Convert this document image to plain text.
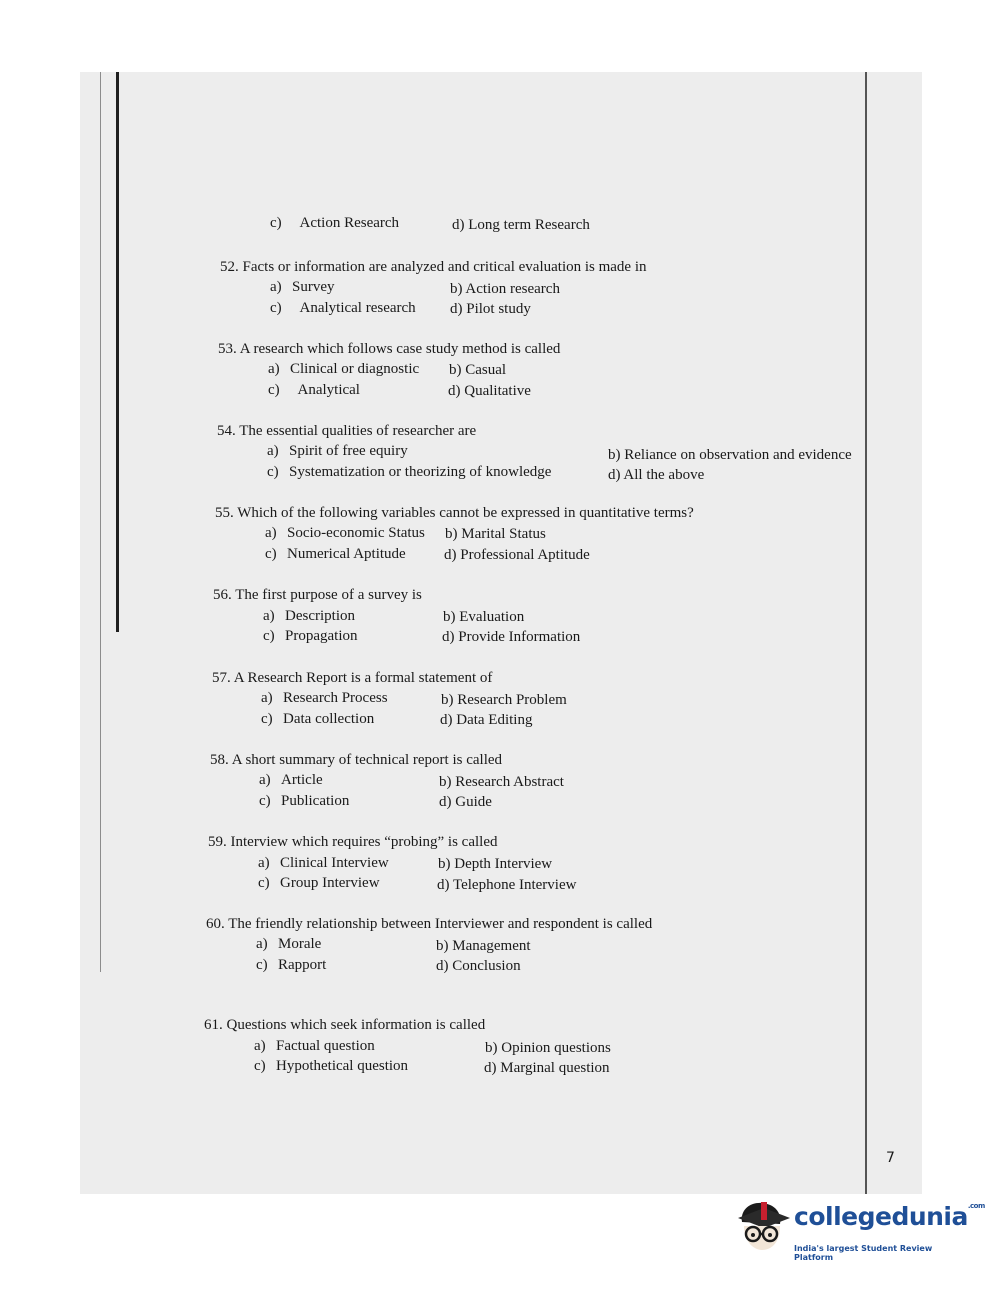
c) Action Research	d) Long term Research
52. Facts or information are analyzed and critical evaluation is made in
a) Survey	b) Action research
c) Analytical research d) Pilot study
53. A research which follows case study method is called
a) Clinical or diagnostic b) Casual
c) Analytical	d) Qualitative
54. The essential qualities of researcher are
a) Spirit of free equiry	b) Reliance on observation and evidence
c) Systematization or theorizing of knowledge	d) All the above
55. Which of the following variables cannot be expressed in quantitative terms?
a) Socio-economic Status b) Marital Status
c) Numerical Aptitude	d) Professional Aptitude
56. The first purpose of a survey is
a) Description	b) Evaluation
c) Propagation	d) Provide Information
57. A Research Report is a formal statement of
a) Research Process	b) Research Problem
c) Data collection	d) Data Editing
58. A short summary of technical report is called
a) Article	b) Research Abstract
c) Publication	d) Guide
59. Interview which requires “probing” is called
a) Clinical Interview	b) Depth Interview
c) Group Interview	d) Telephone Interview
60. The friendly relationship between Interviewer and respondent is called
a) Morale	b) Management
c) Rapport	d) Conclusion
61. Questions which seek information is called
a) Factual question	b) Opinion questions
c) Hypothetical question	d) Marginal question
7
collegedunia$^{.com}$
India's largest Student Review Platform
